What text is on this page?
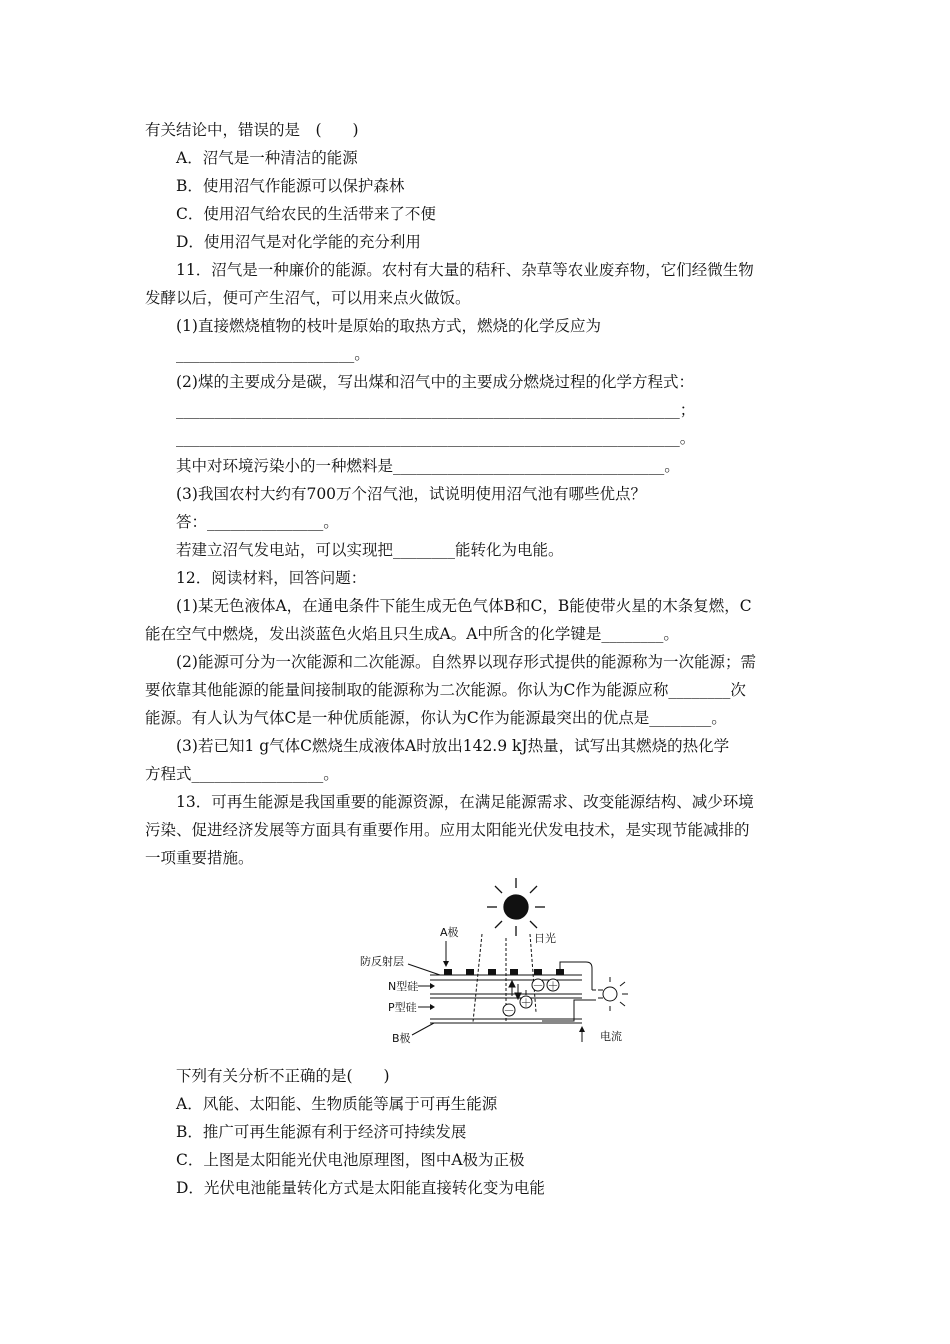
有关结论中，错误的是　(　　)
A．沼气是一种清洁的能源
B．使用沼气作能源可以保护森林
C．使用沼气给农民的生活带来了不便
D．使用沼气是对化学能的充分利用
11．沼气是一种廉价的能源。农村有大量的秸秆、杂草等农业废弃物，它们经微生物
发酵以后，便可产生沼气，可以用来点火做饭。
(1)直接燃烧植物的枝叶是原始的取热方式，燃烧的化学反应为
_______________________。
(2)煤的主要成分是碳，写出煤和沼气中的主要成分燃烧过程的化学方程式：
_________________________________________________________________；
_________________________________________________________________。
其中对环境污染小的一种燃料是___________________________________。
(3)我国农村大约有700万个沼气池，试说明使用沼气池有哪些优点？
答：_______________。
若建立沼气发电站，可以实现把________能转化为电能。
12．阅读材料，回答问题：
(1)某无色液体A，在通电条件下能生成无色气体B和C，B能使带火星的木条复燃，C
能在空气中燃烧，发出淡蓝色火焰且只生成A。A中所含的化学键是________。
(2)能源可分为一次能源和二次能源。自然界以现存形式提供的能源称为一次能源；需
要依靠其他能源的能量间接制取的能源称为二次能源。你认为C作为能源应称________次
能源。有人认为气体C是一种优质能源，你认为C作为能源最突出的优点是________。
(3)若已知1 g气体C燃烧生成液体A时放出142.9 kJ热量，试写出其燃烧的热化学
方程式_________________。
13．可再生能源是我国重要的能源资源，在满足能源需求、改变能源结构、减少环境
污染、促进经济发展等方面具有重要作用。应用太阳能光伏发电技术，是实现节能减排的
一项重要措施。
A极	日光
－ ＋
－
＋
防反射层
N型硅
P型硅
B极	电流
下列有关分析不正确的是(　　)
A．风能、太阳能、生物质能等属于可再生能源
B．推广可再生能源有利于经济可持续发展
C．上图是太阳能光伏电池原理图，图中A极为正极
D．光伏电池能量转化方式是太阳能直接转化变为电能
